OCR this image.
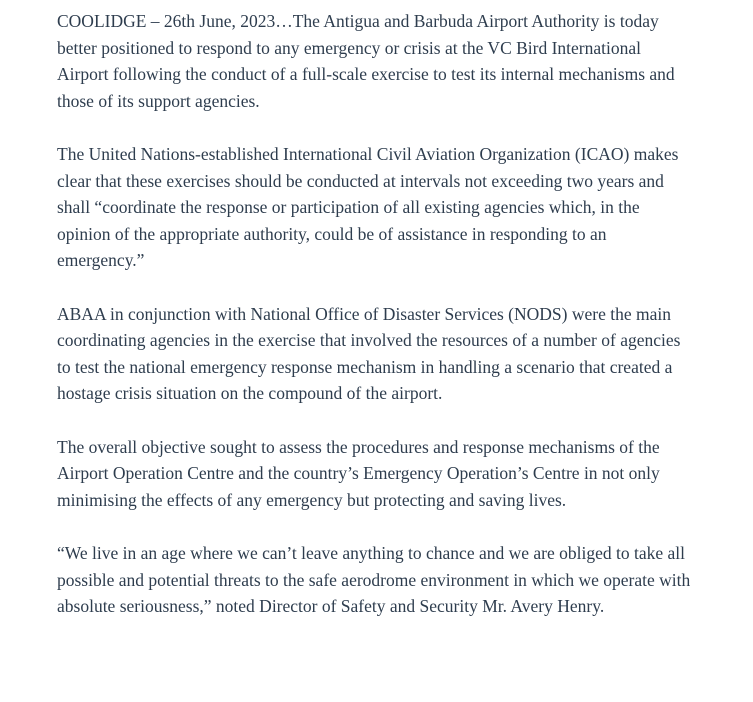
COOLIDGE – 26th June, 2023…The Antigua and Barbuda Airport Authority is today better positioned to respond to any emergency or crisis at the VC Bird International Airport following the conduct of a full-scale exercise to test its internal mechanisms and those of its support agencies.

The United Nations-established International Civil Aviation Organization (ICAO) makes clear that these exercises should be conducted at intervals not exceeding two years and shall “coordinate the response or participation of all existing agencies which, in the opinion of the appropriate authority, could be of assistance in responding to an emergency.”

ABAA in conjunction with National Office of Disaster Services (NODS) were the main coordinating agencies in the exercise that involved the resources of a number of agencies to test the national emergency response mechanism in handling a scenario that created a hostage crisis situation on the compound of the airport.

The overall objective sought to assess the procedures and response mechanisms of the Airport Operation Centre and the country’s Emergency Operation’s Centre in not only minimising the effects of any emergency but protecting and saving lives.

“We live in an age where we can’t leave anything to chance and we are obliged to take all possible and potential threats to the safe aerodrome environment in which we operate with absolute seriousness,” noted Director of Safety and Security Mr. Avery Henry.
